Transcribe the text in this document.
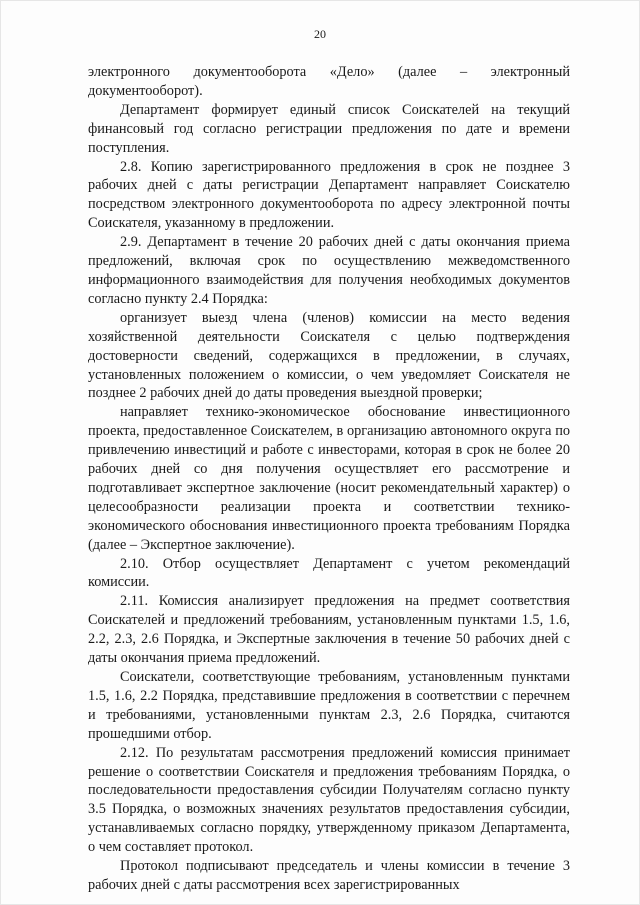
20

электронного документооборота «Дело» (далее – электронный документооборот).

Департамент формирует единый список Соискателей на текущий финансовый год согласно регистрации предложения по дате и времени поступления.

2.8. Копию зарегистрированного предложения в срок не позднее 3 рабочих дней с даты регистрации Департамент направляет Соискателю посредством электронного документооборота по адресу электронной почты Соискателя, указанному в предложении.

2.9. Департамент в течение 20 рабочих дней с даты окончания приема предложений, включая срок по осуществлению межведомственного информационного взаимодействия для получения необходимых документов согласно пункту 2.4 Порядка:

организует выезд члена (членов) комиссии на место ведения хозяйственной деятельности Соискателя с целью подтверждения достоверности сведений, содержащихся в предложении, в случаях, установленных положением о комиссии, о чем уведомляет Соискателя не позднее 2 рабочих дней до даты проведения выездной проверки;

направляет технико-экономическое обоснование инвестиционного проекта, предоставленное Соискателем, в организацию автономного округа по привлечению инвестиций и работе с инвесторами, которая в срок не более 20 рабочих дней со дня получения осуществляет его рассмотрение и подготавливает экспертное заключение (носит рекомендательный характер) о целесообразности реализации проекта и соответствии технико-экономического обоснования инвестиционного проекта требованиям Порядка (далее – Экспертное заключение).

2.10. Отбор осуществляет Департамент с учетом рекомендаций комиссии.

2.11. Комиссия анализирует предложения на предмет соответствия Соискателей и предложений требованиям, установленным пунктами 1.5, 1.6, 2.2, 2.3, 2.6 Порядка, и Экспертные заключения в течение 50 рабочих дней с даты окончания приема предложений.

Соискатели, соответствующие требованиям, установленным пунктами 1.5, 1.6, 2.2 Порядка, представившие предложения в соответствии с перечнем и требованиями, установленными пунктам 2.3, 2.6 Порядка, считаются прошедшими отбор.

2.12. По результатам рассмотрения предложений комиссия принимает решение о соответствии Соискателя и предложения требованиям Порядка, о последовательности предоставления субсидии Получателям согласно пункту 3.5 Порядка, о возможных значениях результатов предоставления субсидии, устанавливаемых согласно порядку, утвержденному приказом Департамента, о чем составляет протокол.

Протокол подписывают председатель и члены комиссии в течение 3 рабочих дней с даты рассмотрения всех зарегистрированных
